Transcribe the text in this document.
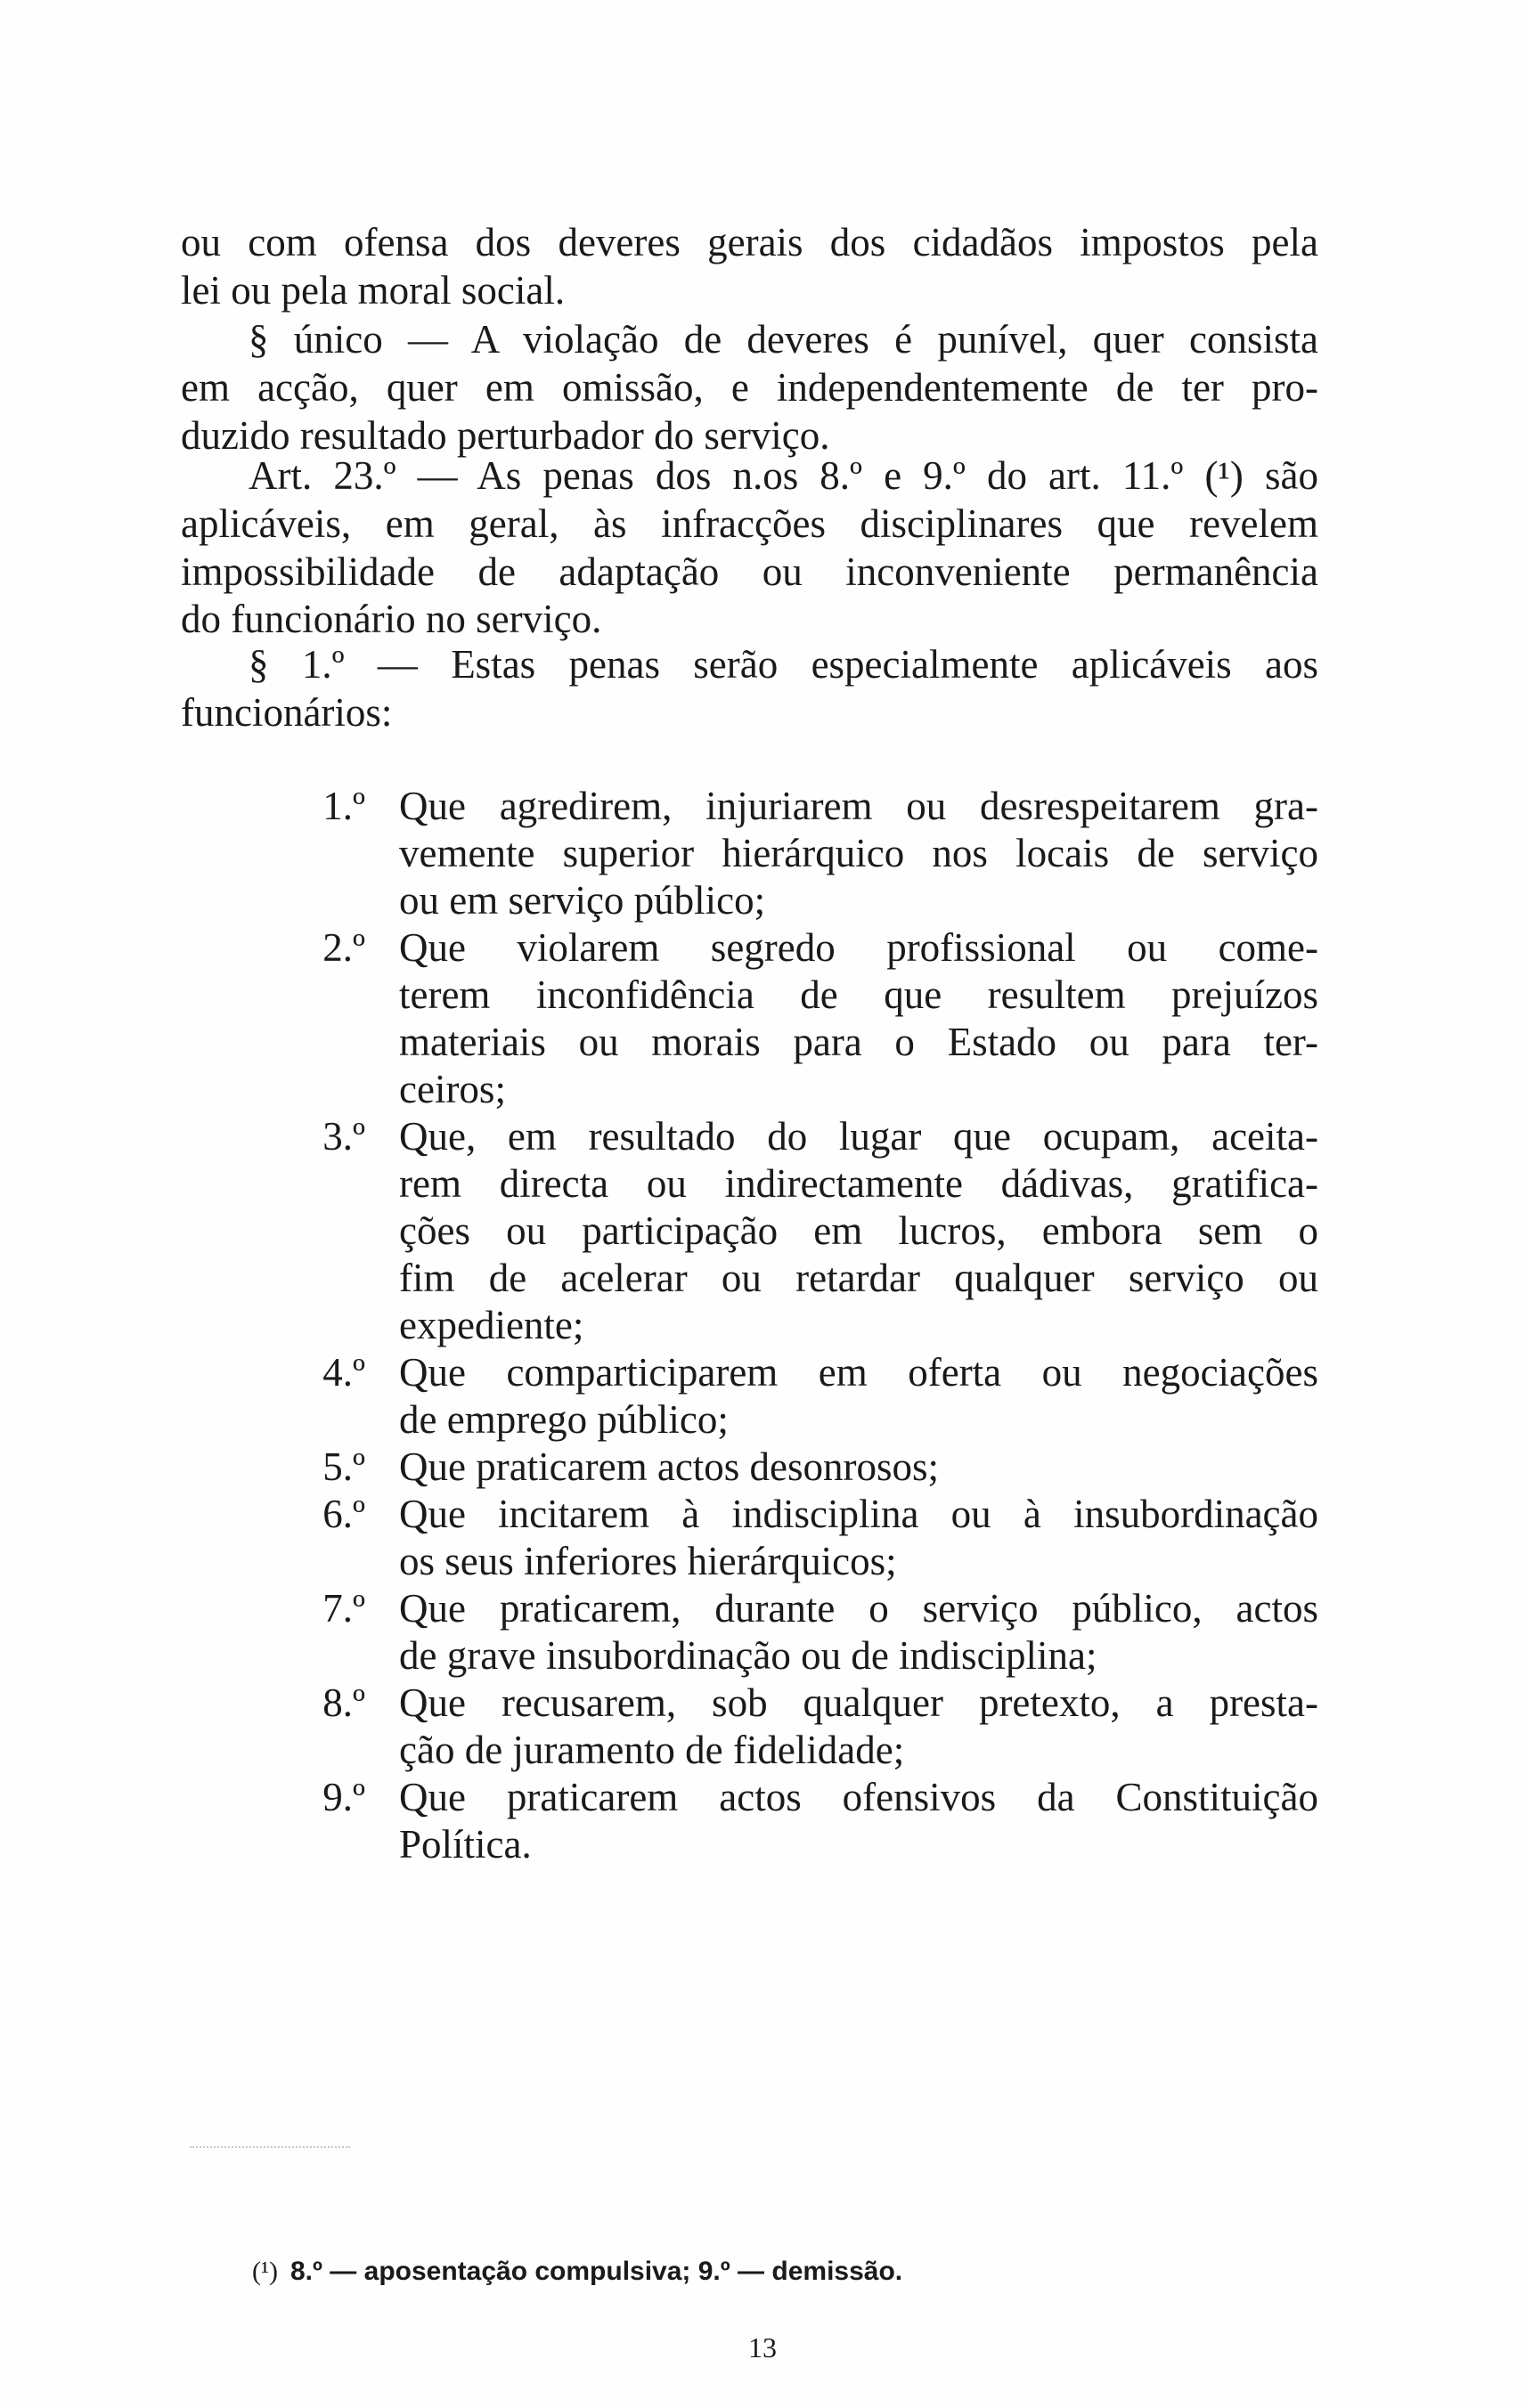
ou com ofensa dos deveres gerais dos cidadãos impostos pela
lei ou pela moral social.
§ único — A violação de deveres é punível, quer consista
em acção, quer em omissão, e independentemente de ter pro-
duzido resultado perturbador do serviço.
Art. 23.º — As penas dos n.os 8.º e 9.º do art. 11.º (¹) são
aplicáveis, em geral, às infracções disciplinares que revelem
impossibilidade de adaptação ou inconveniente permanência
do funcionário no serviço.
§ 1.º — Estas penas serão especialmente aplicáveis aos
funcionários:
1.º Que agredirem, injuriarem ou desrespeitarem gra-
vemente superior hierárquico nos locais de serviço
ou em serviço público;
2.º Que violarem segredo profissional ou come-
terem inconfidência de que resultem prejuízos
materiais ou morais para o Estado ou para ter-
ceiros;
3.º Que, em resultado do lugar que ocupam, aceita-
rem directa ou indirectamente dádivas, gratifica-
ções ou participação em lucros, embora sem o
fim de acelerar ou retardar qualquer serviço ou
expediente;
4.º Que comparticiparem em oferta ou negociações
de emprego público;
5.º Que praticarem actos desonrosos;
6.º Que incitarem à indisciplina ou à insubordinação
os seus inferiores hierárquicos;
7.º Que praticarem, durante o serviço público, actos
de grave insubordinação ou de indisciplina;
8.º Que recusarem, sob qualquer pretexto, a presta-
ção de juramento de fidelidade;
9.º Que praticarem actos ofensivos da Constituição
Política.
(¹) 8.º — aposentação compulsiva; 9.º — demissão.
13
